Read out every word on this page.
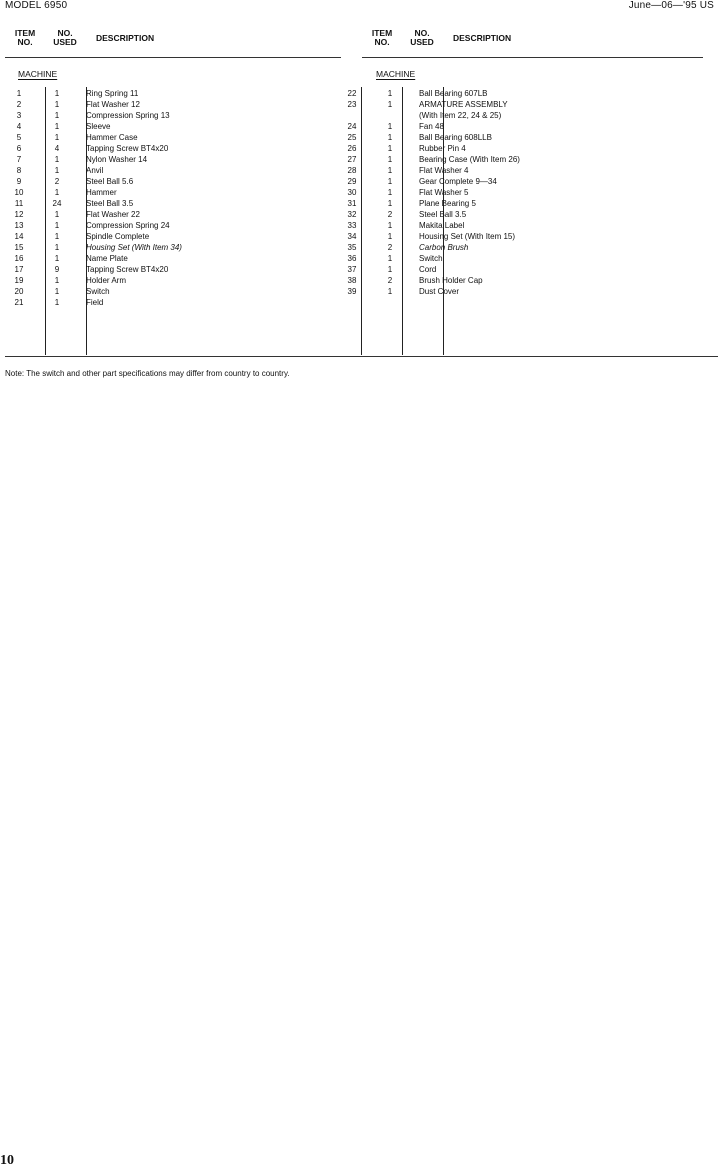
MODEL 6950	June—06—'95 US
ITEM
NO.
NO.
USED	DESCRIPTION	ITEM
NO.
NO.
USED	DESCRIPTION
MACHINE	MACHINE
1		1		Ring Spring 11
2		1		Flat Washer 12
3		1		Compression Spring 13
4		1		Sleeve
5		1		Hammer Case
6		4		Tapping Screw BT4x20
7		1		Nylon Washer 14
8		1		Anvil
9		2		Steel Ball 5.6
10		1		Hammer
11		24		Steel Ball 3.5
12		1		Flat Washer 22
13		1		Compression Spring 24
14		1		Spindle Complete
15		1		Housing Set (With Item 34)
16		1		Name Plate
17		9		Tapping Screw BT4x20
19		1		Holder Arm
20		1		Switch
21		1		Field
22		1		Ball Bearing 607LB
23		1		ARMATURE ASSEMBLY
				(With Item 22, 24 & 25)
24		1		Fan 48
25		1		Ball Bearing 608LLB
26		1		Rubber Pin 4
27		1		Bearing Case (With Item 26)
28		1		Flat Washer 4
29		1		Gear Complete 9—34
30		1		Flat Washer 5
31		1		Plane Bearing 5
32		2		Steel Ball 3.5
33		1		Makita Label
34		1		Housing Set (With Item 15)
35		2		Carbon Brush
36		1		Switch
37		1		Cord
38		2		Brush Holder Cap
39		1		Dust Cover
Note: The switch and other part specifications may differ from country to country.
10
